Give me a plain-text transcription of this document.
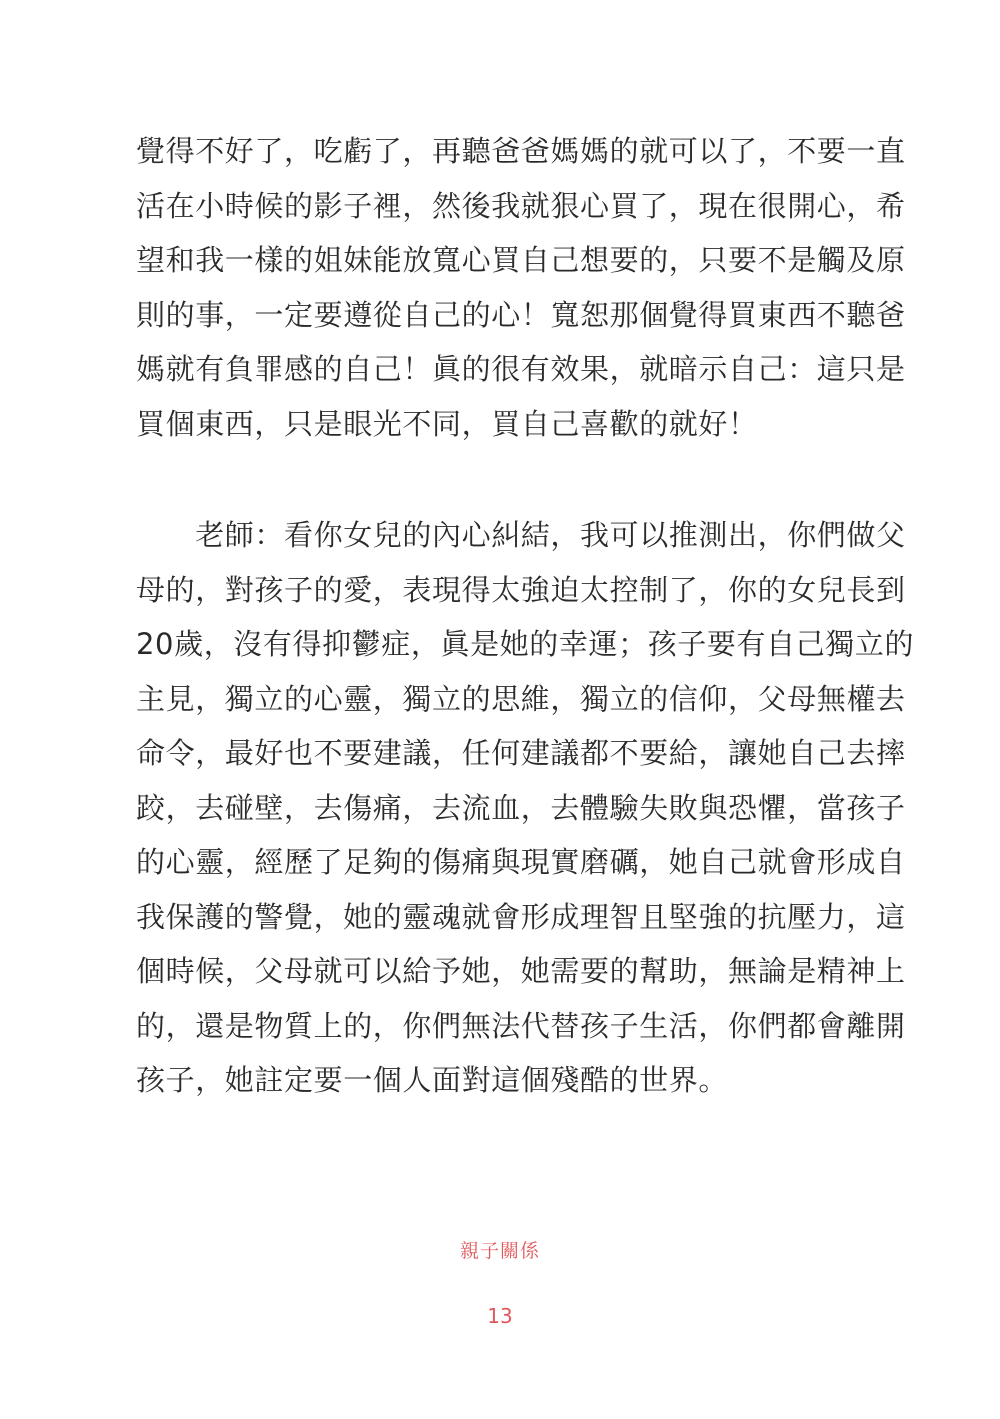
覺得不好了，吃虧了，再聽爸爸媽媽的就可以了，不要一直
活在小時候的影子裡，然後我就狠心買了，現在很開心，希
望和我一樣的姐妹能放寬心買自己想要的，只要不是觸及原
則的事，一定要遵從自己的心！寬恕那個覺得買東西不聽爸
媽就有負罪感的自己！眞的很有效果，就暗示自己：這只是
買個東西，只是眼光不同，買自己喜歡的就好！
　　老師：看你女兒的內心糾結，我可以推測出，你們做父
母的，對孩子的愛，表現得太強迫太控制了，你的女兒長到
20歲，沒有得抑鬱症，眞是她的幸運；孩子要有自己獨立的
主見，獨立的心靈，獨立的思維，獨立的信仰，父母無權去
命令，最好也不要建議，任何建議都不要給，讓她自己去摔
跤，去碰壁，去傷痛，去流血，去體驗失敗與恐懼，當孩子
的心靈，經歷了足夠的傷痛與現實磨礪，她自己就會形成自
我保護的警覺，她的靈魂就會形成理智且堅強的抗壓力，這
個時候，父母就可以給予她，她需要的幫助，無論是精神上
的，還是物質上的，你們無法代替孩子生活，你們都會離開
孩子，她註定要一個人面對這個殘酷的世界。
親子關係
13
